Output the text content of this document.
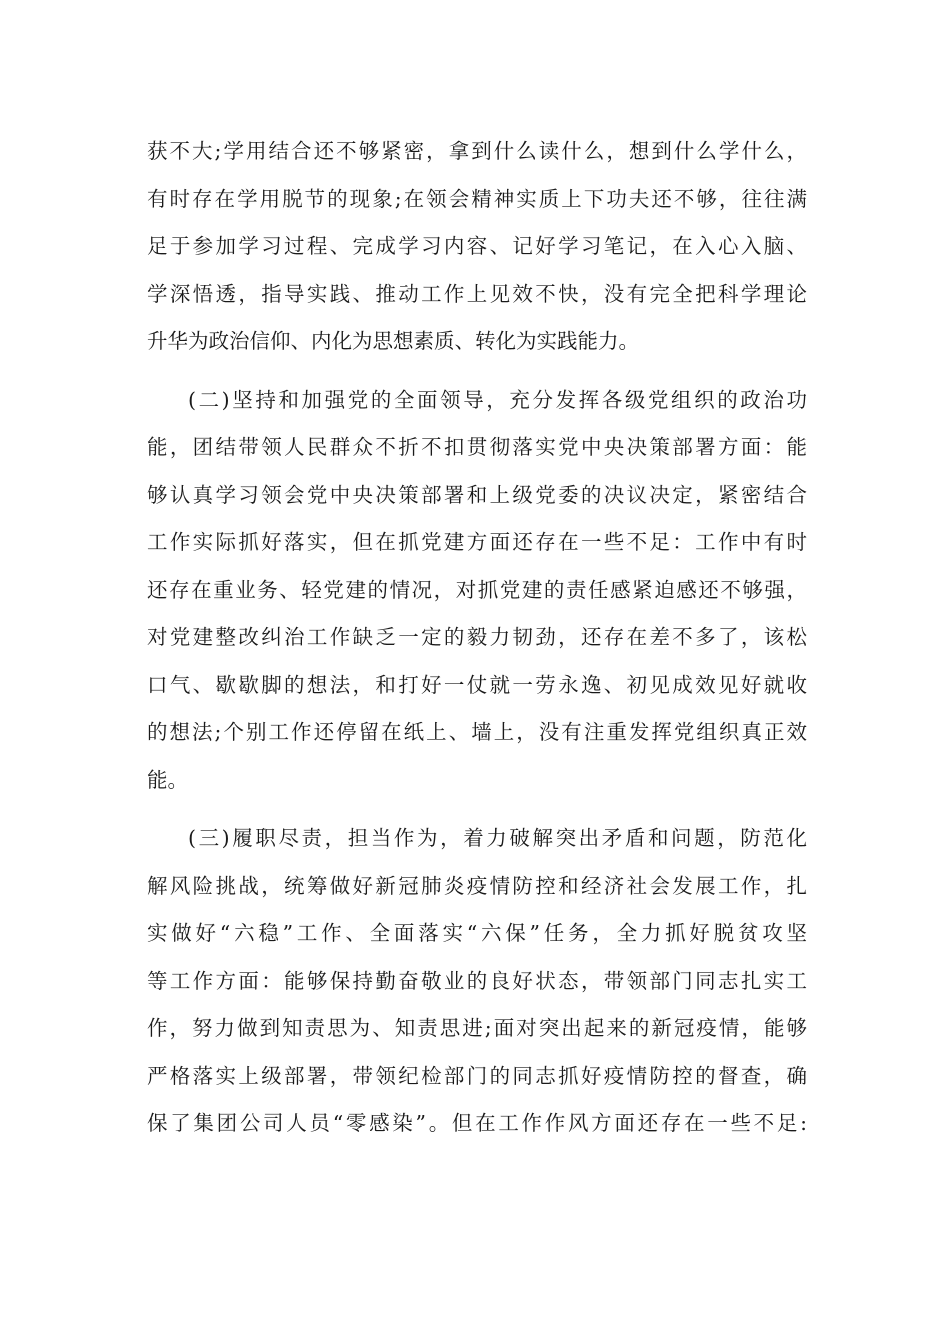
获不大;学用结合还不够紧密，拿到什么读什么，想到什么学什么，
有时存在学用脱节的现象;在领会精神实质上下功夫还不够，往往满
足于参加学习过程、完成学习内容、记好学习笔记，在入心入脑、
学深悟透，指导实践、推动工作上见效不快，没有完全把科学理论
升华为政治信仰、内化为思想素质、转化为实践能力。
(二)坚持和加强党的全面领导，充分发挥各级党组织的政治功
能，团结带领人民群众不折不扣贯彻落实党中央决策部署方面：能
够认真学习领会党中央决策部署和上级党委的决议决定，紧密结合
工作实际抓好落实，但在抓党建方面还存在一些不足：工作中有时
还存在重业务、轻党建的情况，对抓党建的责任感紧迫感还不够强，
对党建整改纠治工作缺乏一定的毅力韧劲，还存在差不多了，该松
口气、歇歇脚的想法，和打好一仗就一劳永逸、初见成效见好就收
的想法;个别工作还停留在纸上、墙上，没有注重发挥党组织真正效
能。
(三)履职尽责，担当作为，着力破解突出矛盾和问题，防范化
解风险挑战，统筹做好新冠肺炎疫情防控和经济社会发展工作，扎
实做好“六稳”工作、全面落实“六保”任务，全力抓好脱贫攻坚
等工作方面：能够保持勤奋敬业的良好状态，带领部门同志扎实工
作，努力做到知责思为、知责思进;面对突出起来的新冠疫情，能够
严格落实上级部署，带领纪检部门的同志抓好疫情防控的督查，确
保了集团公司人员“零感染”。但在工作作风方面还存在一些不足:
